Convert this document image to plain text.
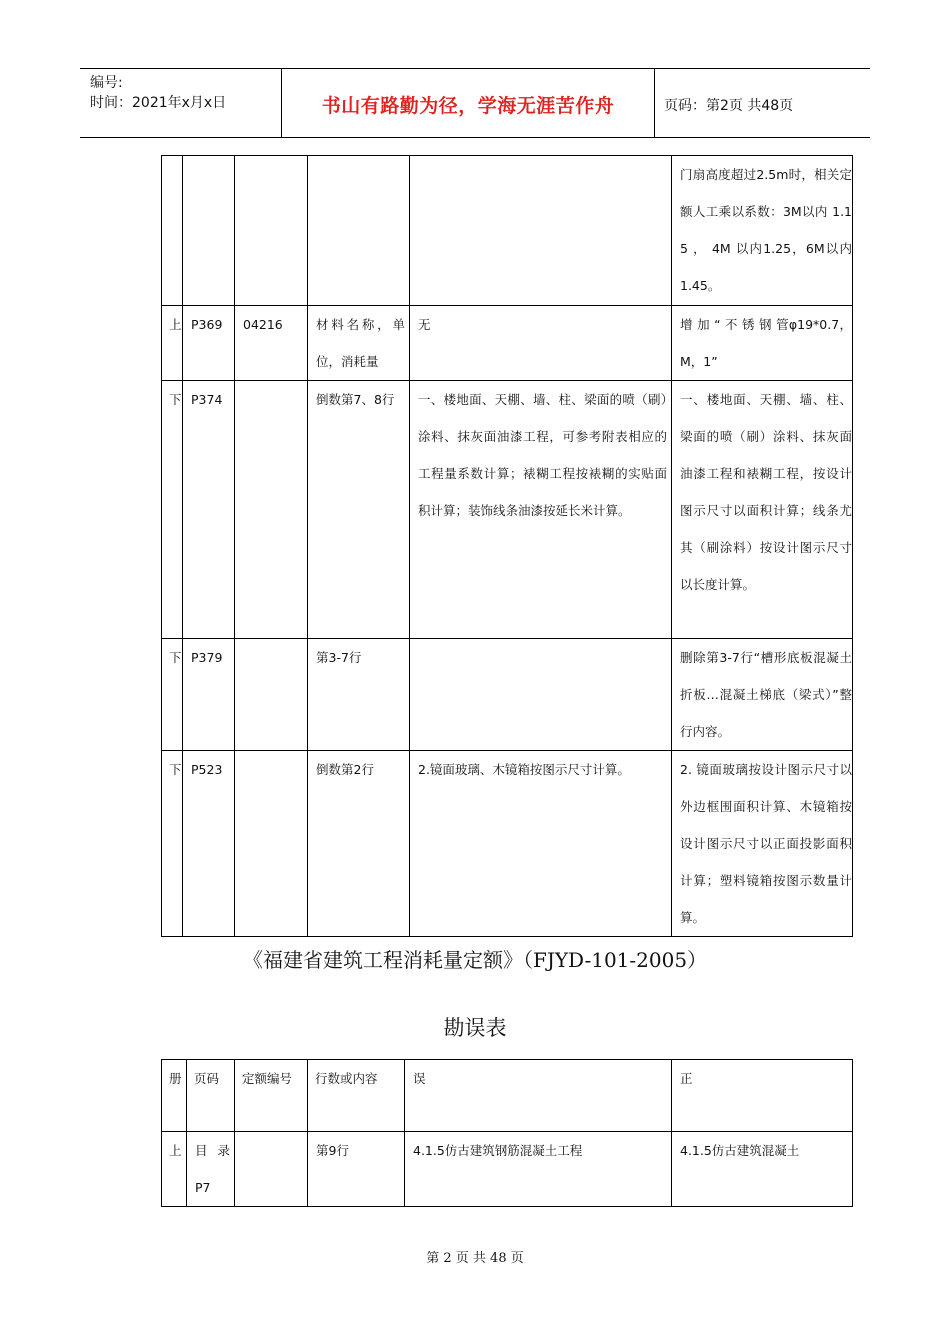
编号:
时间：2021年x月x日	书山有路勤为径，学海无涯苦作舟	页码：第2页 共48页
					门扇高度超过2.5m时，相关定额人工乘以系数：3M以内 1.15 ， 4M 以内1.25，6M以内1.45。
上	P369	04216	材料名称，单位，消耗量	无	增 加 “ 不 锈 钢 管φ19*0.7，M，1”
下	P374		倒数第7、8行	一、楼地面、天棚、墙、柱、梁面的喷（刷）涂料、抹灰面油漆工程，可参考附表相应的工程量系数计算；裱糊工程按裱糊的实贴面积计算；装饰线条油漆按延长米计算。	一、楼地面、天棚、墙、柱、梁面的喷（刷）涂料、抹灰面油漆工程和裱糊工程，按设计图示尺寸以面积计算；线条尤其（刷涂料）按设计图示尺寸以长度计算。
下	P379		第3-7行		删除第3-7行“槽形底板混凝土折板…混凝土梯底（梁式）”整行内容。
下	P523		倒数第2行	2.镜面玻璃、木镜箱按图示尺寸计算。	2. 镜面玻璃按设计图示尺寸以外边框围面积计算、木镜箱按设计图示尺寸以正面投影面积计算；塑料镜箱按图示数量计算。
《福建省建筑工程消耗量定额》（FJYD-101-2005）
勘误表
册	页码	定额编号	行数或内容	误	正
上	目 录P7		第9行	4.1.5仿古建筑钢筋混凝土工程	4.1.5仿古建筑混凝土
第 2 页 共 48 页
